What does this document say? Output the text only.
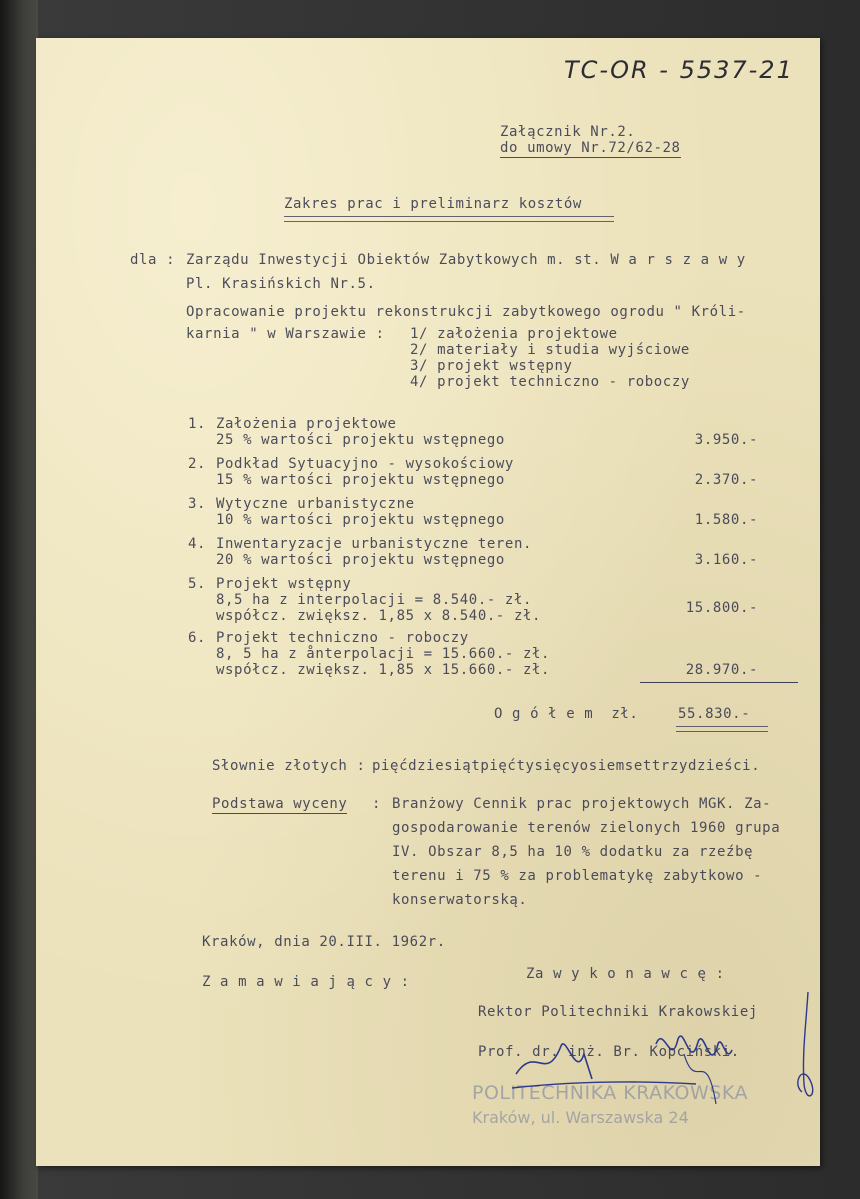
TC-OR - 5537-21
Załącznik Nr.2.
do umowy Nr.72/62-28
Zakres prac i preliminarz kosztów
dla : Zarządu Inwestycji Obiektów Zabytkowych m. st. W a r s z a w y
Pl. Krasińskich Nr.5.
Opracowanie projektu rekonstrukcji zabytkowego ogrodu " Króli-
karnia " w Warszawie : 1/ założenia projektowe
2/ materiały i studia wyjściowe
3/ projekt wstępny
4/ projekt techniczno - roboczy
1. Założenia projektowe
25 % wartości projektu wstępnego	3.950.-
2. Podkład Sytuacyjno - wysokościowy
15 % wartości projektu wstępnego	2.370.-
3. Wytyczne urbanistyczne
10 % wartości projektu wstępnego	1.580.-
4. Inwentaryzacje urbanistyczne teren.
20 % wartości projektu wstępnego	3.160.-
5. Projekt wstępny
8,5 ha z interpolacji = 8.540.- zł.
współcz. zwiększ. 1,85 x 8.540.- zł.	15.800.-
6. Projekt techniczno - roboczy
8, 5 ha z ånterpolacji = 15.660.- zł.
współcz. zwiększ. 1,85 x 15.660.- zł.	28.970.-
O g ó ł e m  zł.	55.830.-
Słownie złotych : pięćdziesiątpięćtysięcyosiemsettrzydzieści.
Podstawa wyceny : Branżowy Cennik prac projektowych MGK. Za-
gospodarowanie terenów zielonych 1960 grupa
IV. Obszar 8,5 ha 10 % dodatku za rzeźbę
terenu i 75 % za problematykę zabytkowo -
konserwatorską.
Kraków, dnia 20.III. 1962r.
Z a m a w i a j ą c y :	Za w y k o n a w c ę :
Rektor Politechniki Krakowskiej
Prof. dr. inż. Br. Kopciński.
POLITECHNIKA KRAKOWSKA
Kraków, ul. Warszawska 24
